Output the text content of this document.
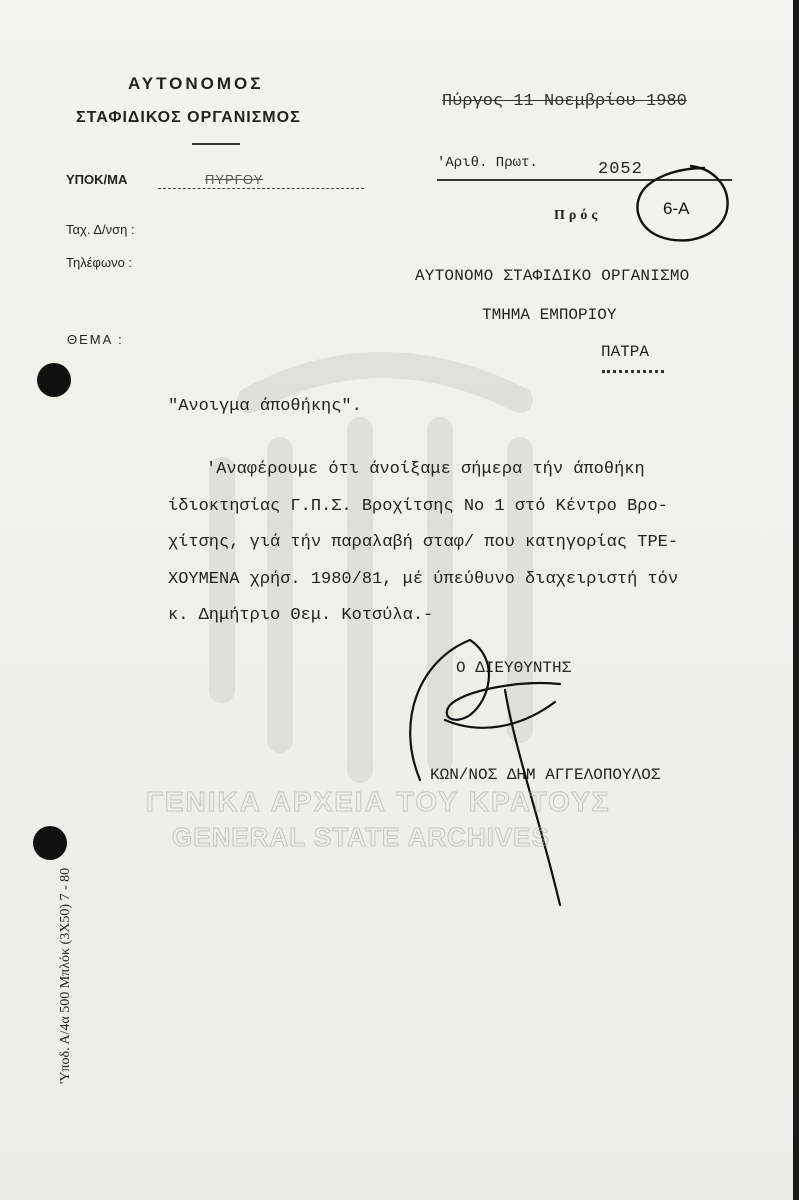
ΑΥΤΟΝΟΜΟΣ
ΣΤΑΦΙΔΙΚΟΣ ΟΡΓΑΝΙΣΜΟΣ
ΥΠΟΚ/ΜΑ	ΠΥΡΓΟΥ
Ταχ. Δ/νση :
Τηλέφωνο :
ΘΕΜΑ :
Πύργος 11 Νοεμβρίου 1980
'Αριθ. Πρωτ.	2052
Πρός	6-A
ΑΥΤΟΝΟΜΟ ΣΤΑΦΙΔΙΚΟ ΟΡΓΑΝΙΣΜΟ
ΤΜΗΜΑ ΕΜΠΟΡΙΟΥ
ΠΑΤΡΑ
"Ανοιγμα άποθήκης".
'Αναφέρουμε ότι άνοίξαμε σήμερα τήν άποθήκη
ίδιοκτησίας Γ.Π.Σ. Βροχίτσης Νο 1 στό Κέντρο Βρο-
χίτσης, γιά τήν παραλαβή σταφ/ που κατηγορίας ΤΡΕ-
ΧΟΥΜΕΝΑ χρήσ. 1980/81, μέ ύπεύθυνο διαχειριστή τόν
κ. Δημήτριο Θεμ. Κοτσύλα.-
Ο ΔΙΕΥΘΥΝΤΗΣ
ΚΩΝ/ΝΟΣ ΔΗΜ ΑΓΓΕΛΟΠΟΥΛΟΣ
ΓΕΝΙΚΑ ΑΡΧΕΙΑ ΤΟΥ ΚΡΑΤΟΥΣ
GENERAL STATE ARCHIVES
'Υποδ. Α/4α 500 Μπλόκ (3Χ50) 7 - 80
